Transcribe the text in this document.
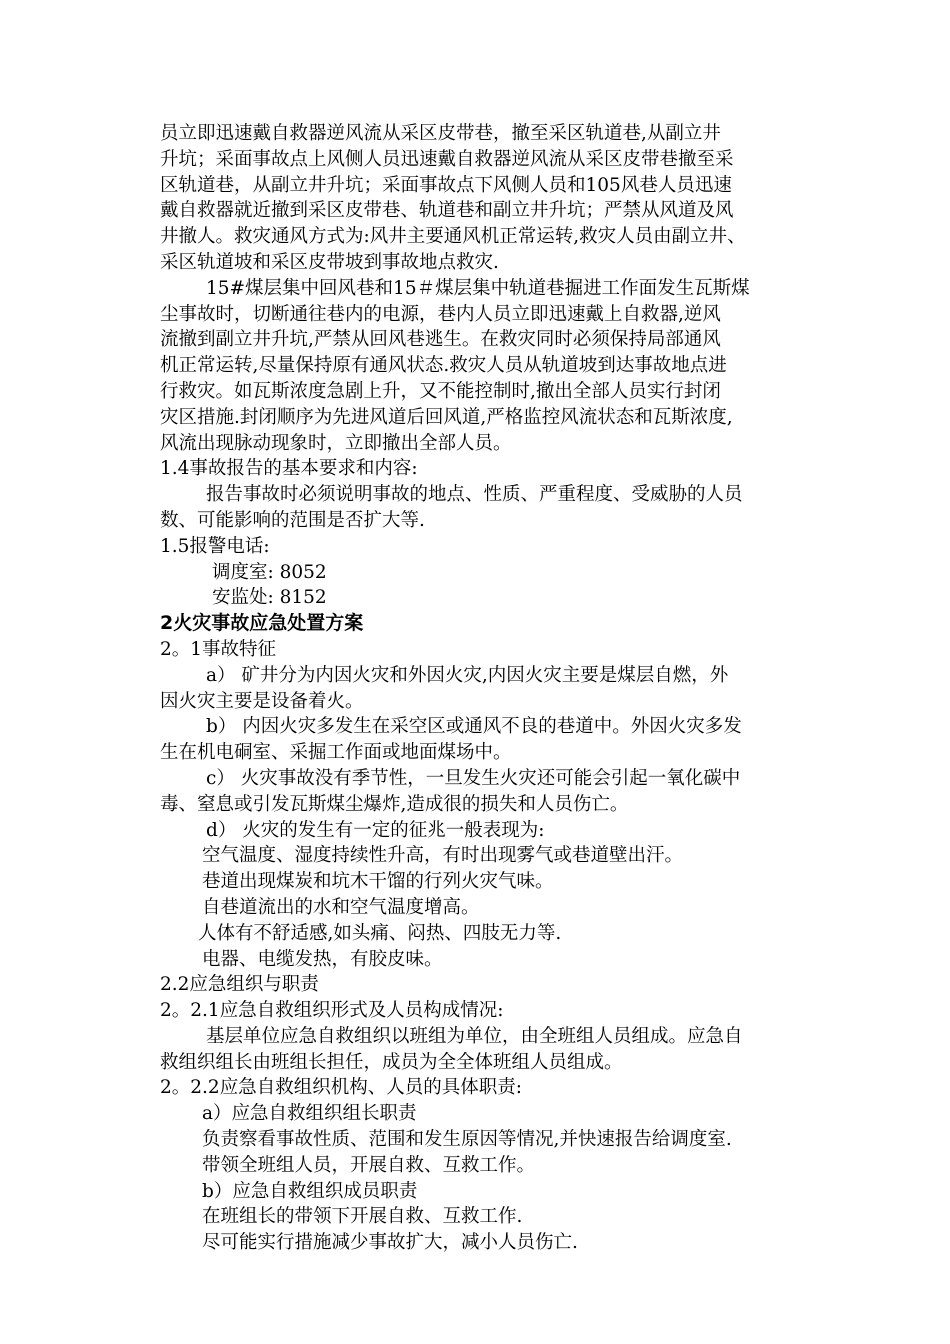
员立即迅速戴自救器逆风流从采区皮带巷，撤至采区轨道巷,从副立井
升坑；采面事故点上风侧人员迅速戴自救器逆风流从采区皮带巷撤至采
区轨道巷，从副立井升坑；采面事故点下风侧人员和105风巷人员迅速
戴自救器就近撤到采区皮带巷、轨道巷和副立井升坑；严禁从风道及风
井撤人。救灾通风方式为:风井主要通风机正常运转,救灾人员由副立井、
采区轨道坡和采区皮带坡到事故地点救灾.
15#煤层集中回风巷和15＃煤层集中轨道巷掘进工作面发生瓦斯煤
尘事故时，切断通往巷内的电源，巷内人员立即迅速戴上自救器,逆风
流撤到副立井升坑,严禁从回风巷逃生。在救灾同时必须保持局部通风
机正常运转,尽量保持原有通风状态.救灾人员从轨道坡到达事故地点进
行救灾。如瓦斯浓度急剧上升，又不能控制时,撤出全部人员实行封闭
灾区措施.封闭顺序为先进风道后回风道,严格监控风流状态和瓦斯浓度,
风流出现脉动现象时，立即撤出全部人员。
1.4事故报告的基本要求和内容:
报告事故时必须说明事故的地点、性质、严重程度、受威胁的人员
数、可能影响的范围是否扩大等.
1.5报警电话:
调度室: 8052
安监处: 8152
2火灾事故应急处置方案
2。1事故特征
a） 矿井分为内因火灾和外因火灾,内因火灾主要是煤层自燃，外
因火灾主要是设备着火。
b） 内因火灾多发生在采空区或通风不良的巷道中。外因火灾多发
生在机电硐室、采掘工作面或地面煤场中。
c） 火灾事故没有季节性，一旦发生火灾还可能会引起一氧化碳中
毒、窒息或引发瓦斯煤尘爆炸,造成很的损失和人员伤亡。
d） 火灾的发生有一定的征兆一般表现为:
空气温度、湿度持续性升高，有时出现雾气或巷道壁出汗。
巷道出现煤炭和坑木干馏的行列火灾气味。
自巷道流出的水和空气温度增高。
人体有不舒适感,如头痛、闷热、四肢无力等.
电器、电缆发热，有胶皮味。
2.2应急组织与职责
2。2.1应急自救组织形式及人员构成情况:
基层单位应急自救组织以班组为单位，由全班组人员组成。应急自
救组织组长由班组长担任，成员为全全体班组人员组成。
2。2.2应急自救组织机构、人员的具体职责:
a）应急自救组织组长职责
负责察看事故性质、范围和发生原因等情况,并快速报告给调度室.
带领全班组人员，开展自救、互救工作。
b）应急自救组织成员职责
在班组长的带领下开展自救、互救工作.
尽可能实行措施减少事故扩大，减小人员伤亡.
